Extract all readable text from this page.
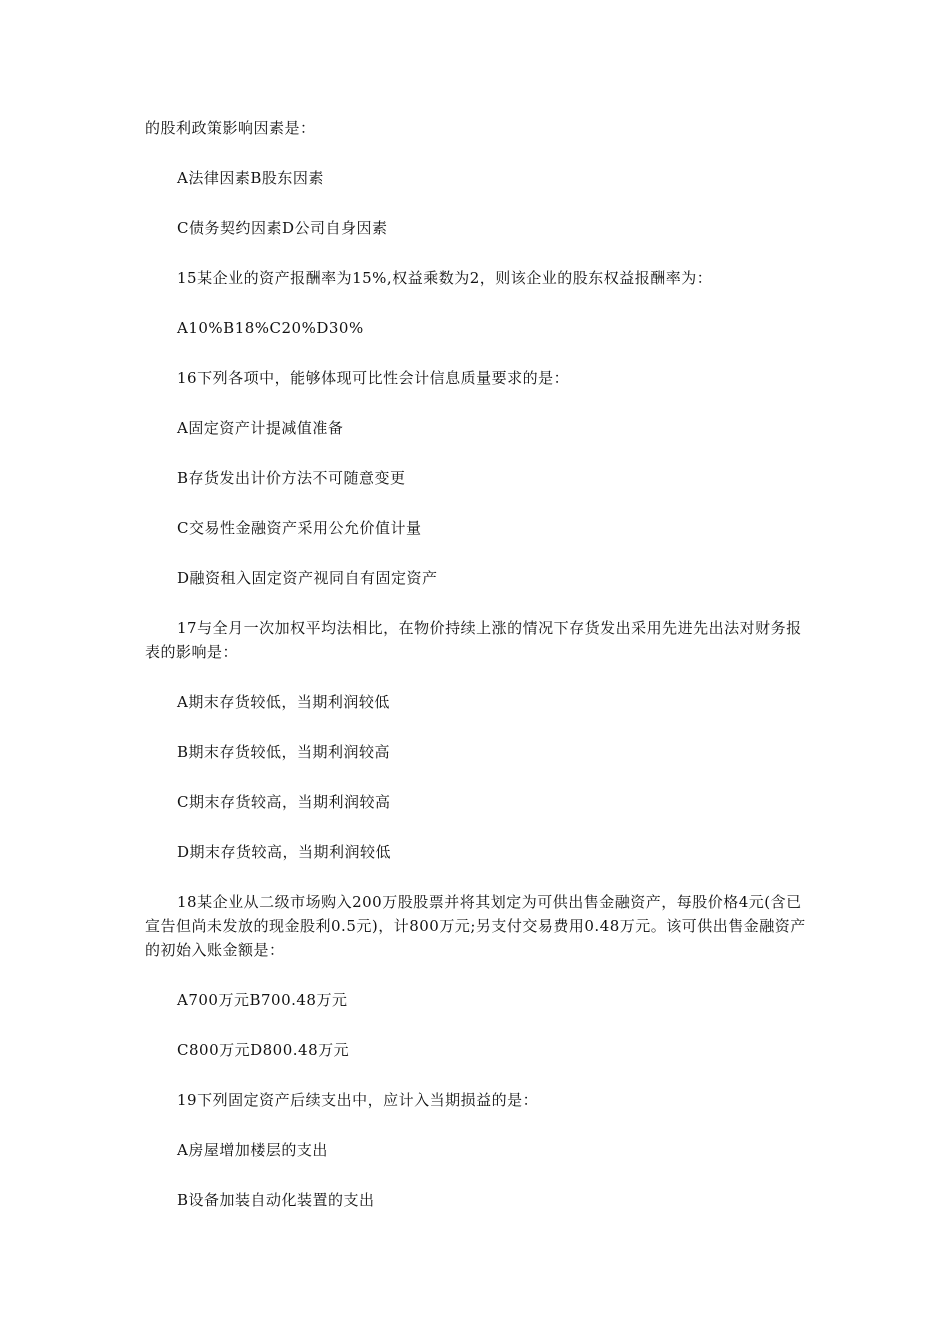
的股利政策影响因素是：
A法律因素B股东因素
C债务契约因素D公司自身因素
15某企业的资产报酬率为15%,权益乘数为2，则该企业的股东权益报酬率为：
A10%B18%C20%D30%
16下列各项中，能够体现可比性会计信息质量要求的是：
A固定资产计提减值准备
B存货发出计价方法不可随意变更
C交易性金融资产采用公允价值计量
D融资租入固定资产视同自有固定资产
17与全月一次加权平均法相比，在物价持续上涨的情况下存货发出采用先进先出法对财务报表的影响是：
A期末存货较低，当期利润较低
B期末存货较低，当期利润较高
C期末存货较高，当期利润较高
D期末存货较高，当期利润较低
18某企业从二级市场购入200万股股票并将其划定为可供出售金融资产，每股价格4元(含已宣告但尚未发放的现金股利0.5元)，计800万元;另支付交易费用0.48万元。该可供出售金融资产的初始入账金额是：
A700万元B700.48万元
C800万元D800.48万元
19下列固定资产后续支出中，应计入当期损益的是：
A房屋增加楼层的支出
B设备加装自动化装置的支出
